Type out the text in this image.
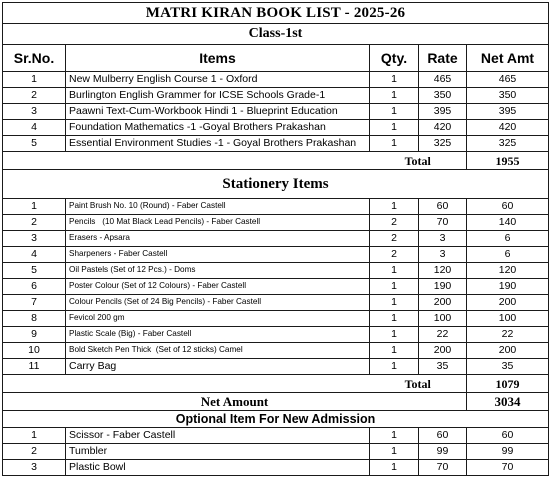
MATRI KIRAN BOOK LIST - 2025-26				
Class-1st				
Sr.No.	Items	Qty.	Rate	Net Amt
1	New Mulberry English Course 1 - Oxford	1	465	465
2	Burlington English Grammer for ICSE Schools Grade-1	1	350	350
3	Paawni Text-Cum-Workbook Hindi 1 - Blueprint Education	1	395	395
4	Foundation Mathematics -1 -Goyal Brothers Prakashan	1	420	420
5	Essential Environment Studies -1 - Goyal Brothers Prakashan	1	325	325
		Total		1955
Stationery Items				
1	Paint Brush No. 10 (Round) - Faber Castell	1	60	60
2	Pencils   (10 Mat Black Lead Pencils) - Faber Castell	2	70	140
3	Erasers - Apsara	2	3	6
4	Sharpeners - Faber Castell	2	3	6
5	Oil Pastels (Set of 12 Pcs.) - Doms	1	120	120
6	Poster Colour (Set of 12 Colours) - Faber Castell	1	190	190
7	Colour Pencils (Set of 24 Big Pencils) - Faber Castell	1	200	200
8	Fevicol 200 gm	1	100	100
9	Plastic Scale (Big) - Faber Castell	1	22	22
10	Bold Sketch Pen Thick  (Set of 12 sticks) Camel	1	200	200
11	Carry Bag	1	35	35
		Total		1079
Net Amount				3034
Optional Item For New Admission				
1	Scissor - Faber Castell	1	60	60
2	Tumbler	1	99	99
3	Plastic Bowl	1	70	70
